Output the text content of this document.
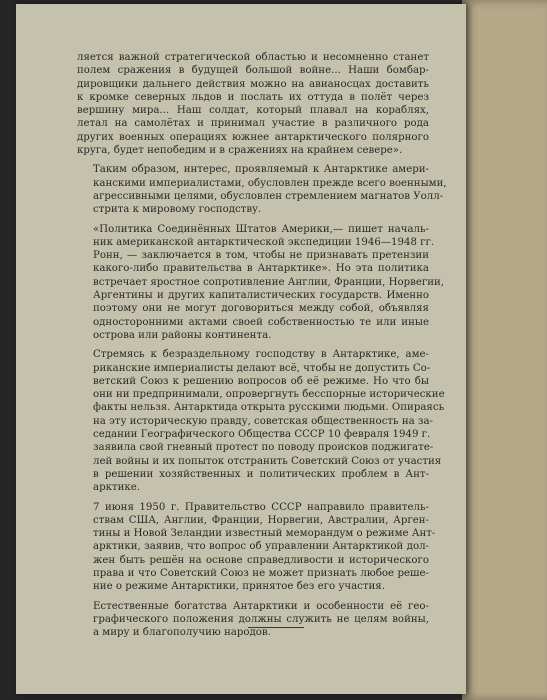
ляется важной стратегической областью и несомненно станет
полем сражения в будущей большой войне... Наши бомбар-
дировщики дальнего действия можно на авианосцах доставить
к кромке северных льдов и послать их оттуда в полёт через
вершину мира... Наш солдат, который плавал на кораблях,
летал на самолётах и принимал участие в различного рода
других военных операциях южнее антарктического полярного
круга, будет непобедим и в сражениях на крайнем севере».
Таким образом, интерес, проявляемый к Антарктике амери-
канскими империалистами, обусловлен прежде всего военными,
агрессивными целями, обусловлен стремлением магнатов Уолл-
стрита к мировому господству.
«Политика Соединённых Штатов Америки,— пишет началь-
ник американской антарктической экспедиции 1946—1948 гг.
Ронн, — заключается в том, чтобы не признавать претензии
какого-либо правительства в Антарктике». Но эта политика
встречает яростное сопротивление Англии, Франции, Норвегии,
Аргентины и других капиталистических государств. Именно
поэтому они не могут договориться между собой, объявляя
односторонними актами своей собственностью те или иные
острова или районы континента.
Стремясь к безраздельному господству в Антарктике, аме-
риканские империалисты делают всё, чтобы не допустить Со-
ветский Союз к решению вопросов об её режиме. Но что бы
они ни предпринимали, опровергнуть бесспорные исторические
факты нельзя. Антарктида открыта русскими людьми. Опираясь
на эту историческую правду, советская общественность на за-
седании Географического Общества СССР 10 февраля 1949 г.
заявила свой гневный протест по поводу происков поджигате-
лей войны и их попыток отстранить Советский Союз от участия
в решении хозяйственных и политических проблем в Ант-
арктике.
7 июня 1950 г. Правительство СССР направило правитель-
ствам США, Англии, Франции, Норвегии, Австралии, Арген-
тины и Новой Зеландии известный меморандум о режиме Ант-
арктики, заявив, что вопрос об управлении Антарктикой дол-
жен быть решён на основе справедливости и исторического
права и что Советский Союз не может признать любое реше-
ние о режиме Антарктики, принятое без его участия.
Естественные богатства Антарктики и особенности её гео-
графического положения должны служить не целям войны,
а миру и благополучию народов.
